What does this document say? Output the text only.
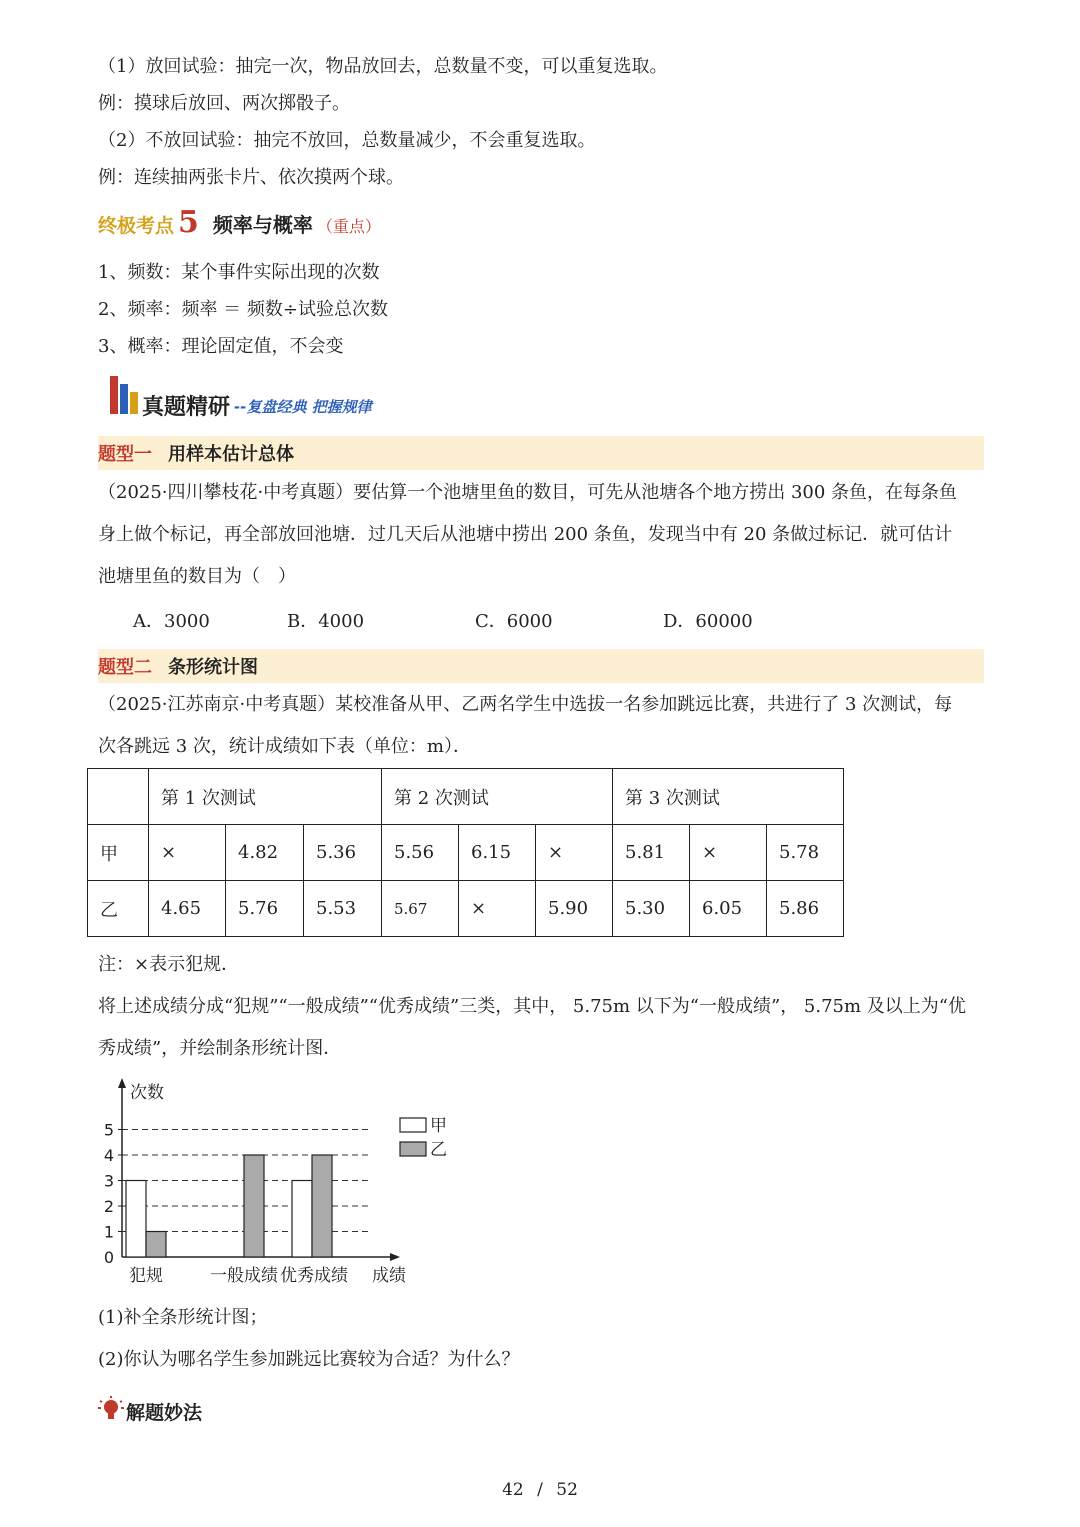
（1）放回试验：抽完一次，物品放回去，总数量不变，可以重复选取。
例：摸球后放回、两次掷骰子。
（2）不放回试验：抽完不放回，总数量减少，不会重复选取。
例：连续抽两张卡片、依次摸两个球。
终极考点 5 频率与概率 （重点）
1、频数：某个事件实际出现的次数
2、频率：频率 ＝ 频数÷试验总次数
3、概率：理论固定值，不会变
真题精研 --复盘经典 把握规律
题型一 用样本估计总体
（2025·四川攀枝花·中考真题）要估算一个池塘里鱼的数目，可先从池塘各个地方捞出 300 条鱼，在每条鱼
身上做个标记，再全部放回池塘．过几天后从池塘中捞出 200 条鱼，发现当中有 20 条做过标记．就可估计
池塘里鱼的数目为（　）
A．3000	B．4000	C．6000	D．60000
题型二 条形统计图
（2025·江苏南京·中考真题）某校准备从甲、乙两名学生中选拔一名参加跳远比赛，共进行了 3 次测试，每
次各跳远 3 次，统计成绩如下表（单位：m）．
	第 1 次测试			第 2 次测试			第 3 次测试		
甲	×	4.82	5.36	5.56	6.15	×	5.81	×	5.78
乙	4.65	5.76	5.53	5.67	×	5.90	5.30	6.05	5.86
注：×表示犯规．
将上述成绩分成“犯规”“一般成绩”“优秀成绩”三类，其中， 5.75m 以下为“一般成绩”， 5.75m 及以上为“优
秀成绩”，并绘制条形统计图．
0
1
2
3
4
5
次数
成绩
犯规	一般成绩 优秀成绩
甲
乙
(1)补全条形统计图；
(2)你认为哪名学生参加跳远比赛较为合适？为什么？
解题妙法
42 / 52
